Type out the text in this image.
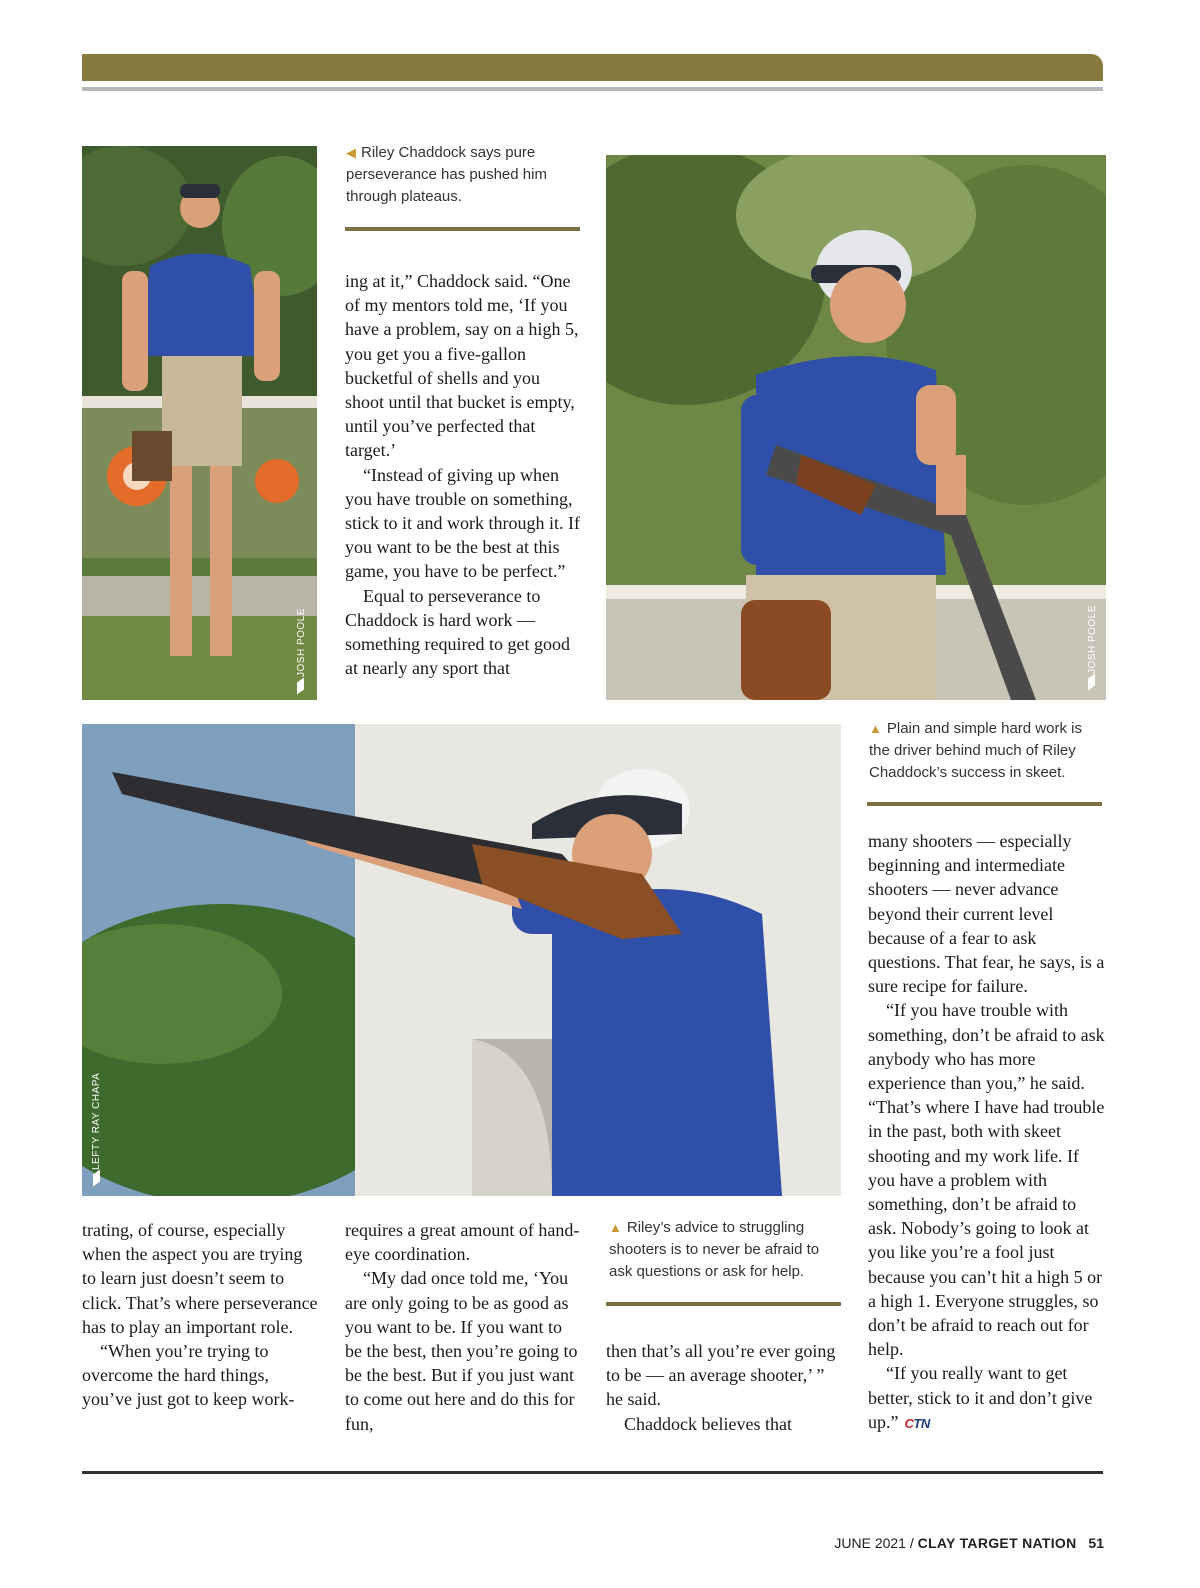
JOSH POOLE
◀ Riley Chaddock says pure perseverance has pushed him through plateaus.

ing at it,” Chaddock said. “One of my mentors told me, ‘If you have a problem, say on a high 5, you get you a five-gallon bucketful of shells and you shoot until that bucket is empty, until you’ve perfected that target.’

“Instead of giving up when you have trouble on something, stick to it and work through it. If you want to be the best at this game, you have to be perfect.”

Equal to perseverance to Chaddock is hard work — something required to get good at nearly any sport that	JOSH POOLE
LEFTY RAY CHAPA
▲ Plain and simple hard work is the driver behind much of Riley Chaddock’s success in skeet.

many shooters — especially beginning and intermediate shooters — never advance beyond their current level because of a fear to ask questions. That fear, he says, is a sure recipe for failure.

“If you have trouble with something, don’t be afraid to ask anybody who has more experience than you,” he said. “That’s where I have had trouble in the past, both with skeet shooting and my work life. If you have a problem with something, don’t be afraid to ask. Nobody’s going to look at you like you’re a fool just because you can’t hit a high 5 or a high 1. Everyone struggles, so don’t be afraid to reach out for help.

“If you really want to get better, stick to it and don’t give up.” CTN

trating, of course, especially when the aspect you are trying to learn just doesn’t seem to click. That’s where perseverance has to play an important role.

“When you’re trying to overcome the hard things, you’ve just got to keep work-

requires a great amount of hand-eye coordination.

“My dad once told me, ‘You are only going to be as good as you want to be. If you want to be the best, then you’re going to be the best. But if you just want to come out here and do this for fun,

▲ Riley’s advice to struggling shooters is to never be afraid to ask questions or ask for help.

then that’s all you’re ever going to be — an average shooter,’ ” he said.

Chaddock believes that

JUNE 2021 / CLAY TARGET NATION 51
